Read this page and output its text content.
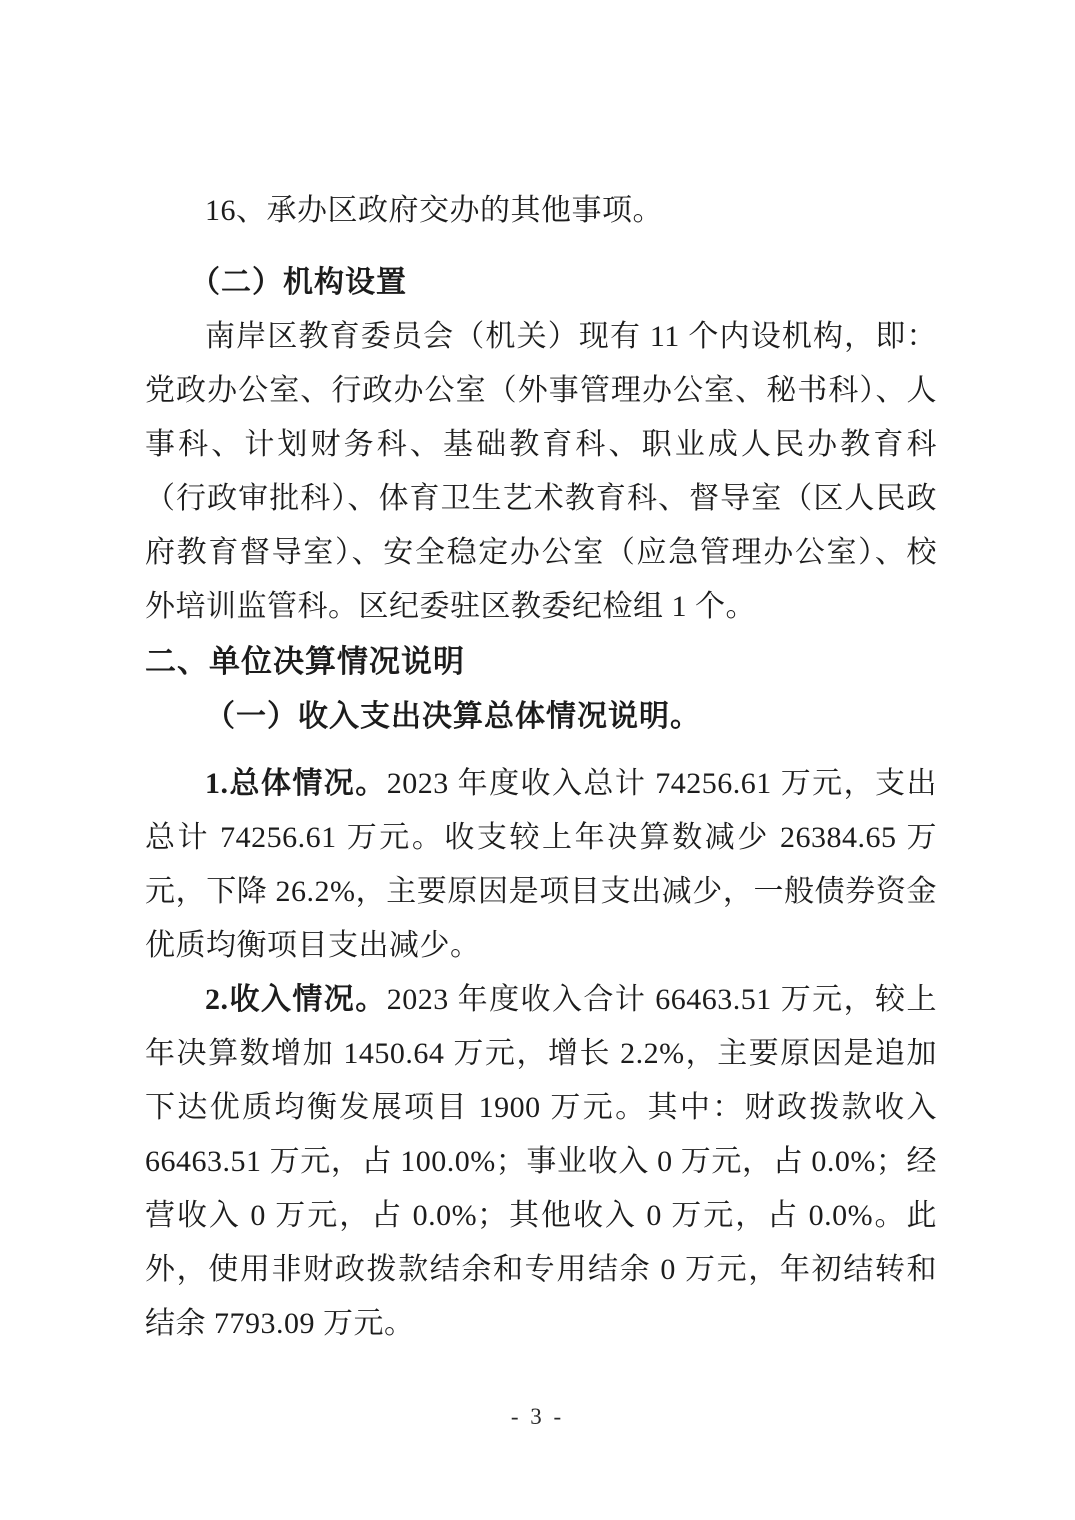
16、承办区政府交办的其他事项。

（二）机构设置

南岸区教育委员会（机关）现有 11 个内设机构，即：党政办公室、行政办公室（外事管理办公室、秘书科）、人事科、计划财务科、基础教育科、职业成人民办教育科（行政审批科）、体育卫生艺术教育科、督导室（区人民政府教育督导室）、安全稳定办公室（应急管理办公室）、校外培训监管科。区纪委驻区教委纪检组 1 个。

二、单位决算情况说明
（一）收入支出决算总体情况说明。

1.总体情况。2023 年度收入总计 74256.61 万元，支出总计 74256.61 万元。收支较上年决算数减少 26384.65 万元，下降 26.2%，主要原因是项目支出减少，一般债券资金优质均衡项目支出减少。

2.收入情况。2023 年度收入合计 66463.51 万元，较上年决算数增加 1450.64 万元，增长 2.2%，主要原因是追加下达优质均衡发展项目 1900 万元。其中：财政拨款收入 66463.51 万元，占 100.0%；事业收入 0 万元，占 0.0%；经营收入 0 万元，占 0.0%；其他收入 0 万元，占 0.0%。此外，使用非财政拨款结余和专用结余 0 万元，年初结转和结余 7793.09 万元。

- 3 -
